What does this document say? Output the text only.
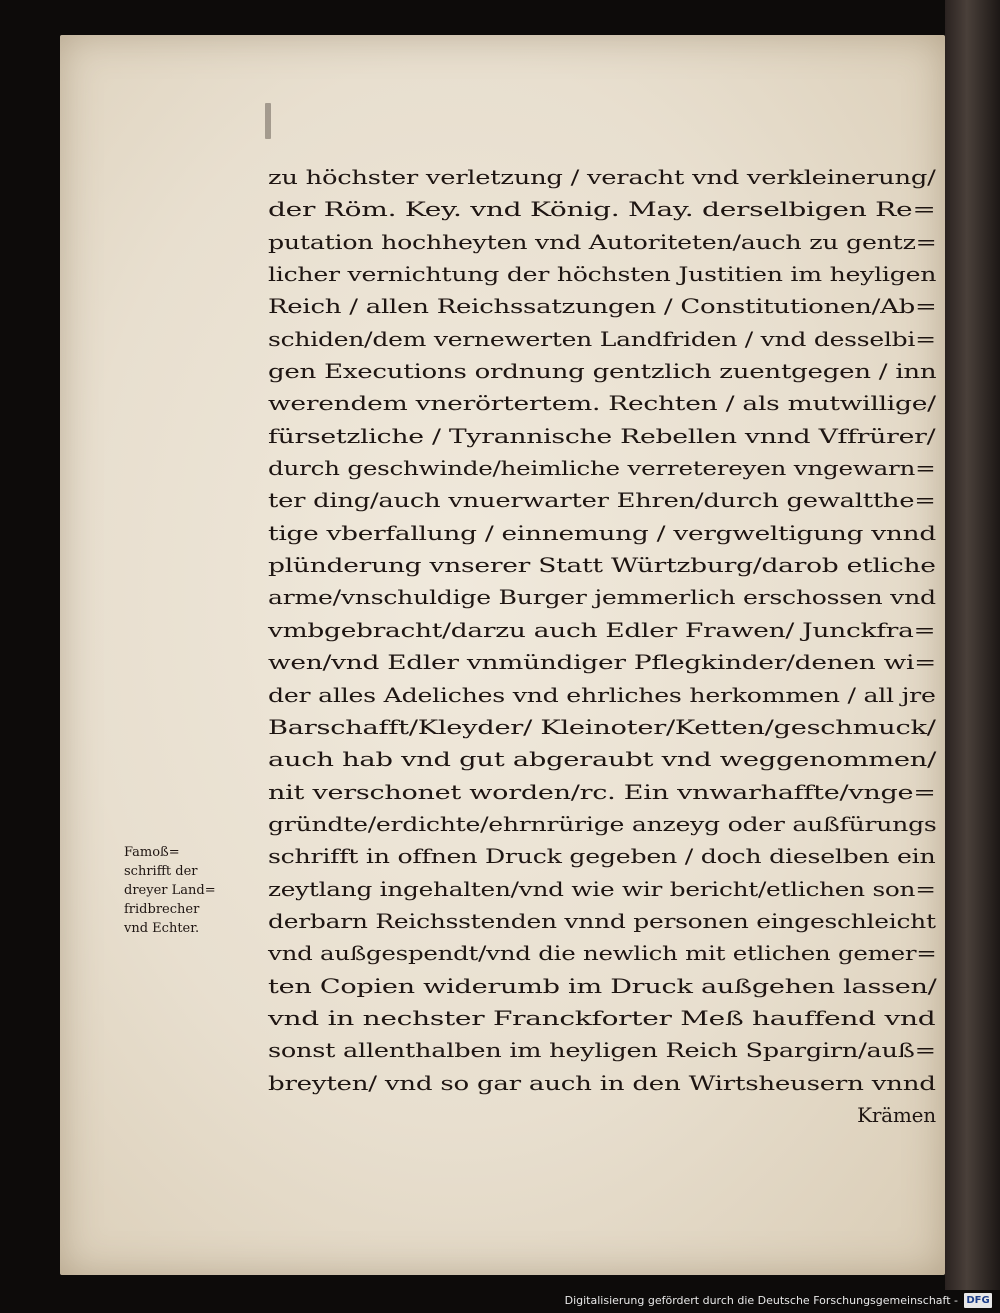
zu höchster verletzung / veracht vnd verkleinerung/
der Röm. Key. vnd König. May. derselbigen Re=
putation hochheyten vnd Autoriteten/auch zu gentz=
licher vernichtung der höchsten Justitien im heyligen
Reich / allen Reichssatzungen / Constitutionen/Ab=
schiden/dem vernewerten Landfriden / vnd desselbi=
gen Executions ordnung gentzlich zuentgegen / inn
werendem vnerörtertem. Rechten / als mutwillige/
fürsetzliche / Tyrannische Rebellen vnnd Vffrürer/
durch geschwinde/heimliche verretereyen vngewarn=
ter ding/auch vnuerwarter Ehren/durch gewaltthe=
tige vberfallung / einnemung / vergweltigung vnnd
plünderung vnserer Statt Würtzburg/darob etliche
arme/vnschuldige Burger jemmerlich erschossen vnd
vmbgebracht/darzu auch Edler Frawen/ Junckfra=
wen/vnd Edler vnmündiger Pflegkinder/denen wi=
der alles Adeliches vnd ehrliches herkommen / all jre
Barschafft/Kleyder/ Kleinoter/Ketten/geschmuck/
auch hab vnd gut abgeraubt vnd weggenommen/
nit verschonet worden/rc. Ein vnwarhaffte/vnge=
gründte/erdichte/ehrnrürige anzeyg oder außfürungs
schrifft in offnen Druck gegeben / doch dieselben ein
zeytlang ingehalten/vnd wie wir bericht/etlichen son=
derbarn Reichsstenden vnnd personen eingeschleicht
vnd außgespendt/vnd die newlich mit etlichen gemer=
ten Copien widerumb im Druck außgehen lassen/
vnd in nechster Franckforter Meß hauffend vnd
sonst allenthalben im heyligen Reich Spargirn/auß=
breyten/ vnd so gar auch in den Wirtsheusern vnnd
Krämen
Famoß=
schrifft der
dreyer Land=
fridbrecher
vnd Echter.
Digitalisierung gefördert durch die Deutsche Forschungsgemeinschaft - DFG
